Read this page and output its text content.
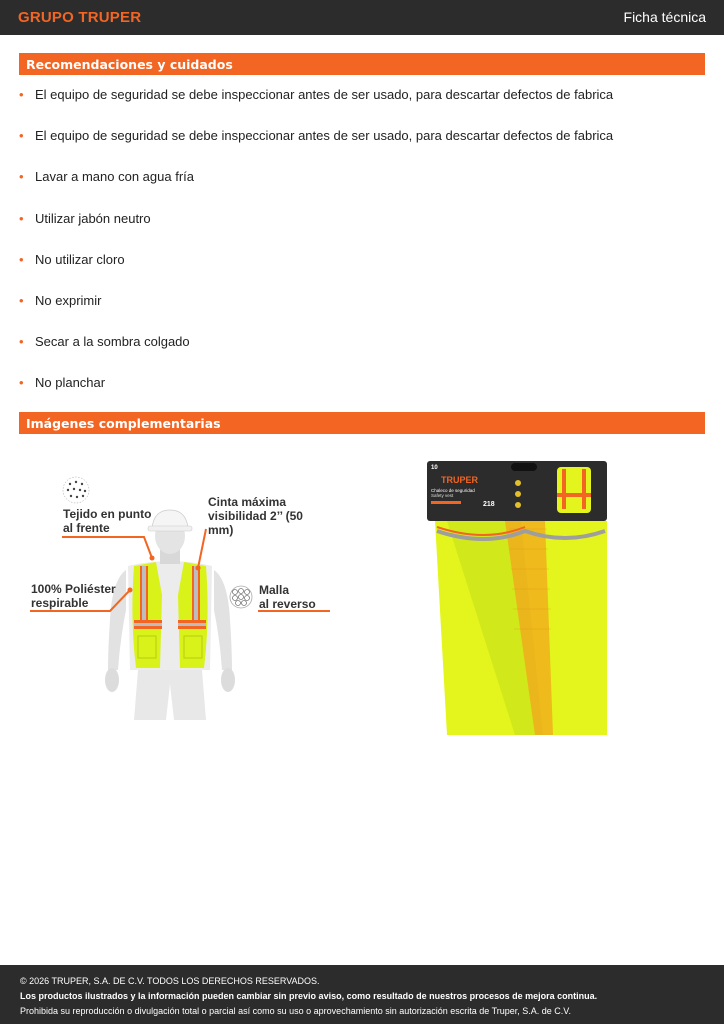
GRUPO TRUPER	Ficha técnica
Recomendaciones y cuidados
• El equipo de seguridad se debe inspeccionar antes de ser usado, para descartar defectos de fabrica
• El equipo de seguridad se debe inspeccionar antes de ser usado, para descartar defectos de fabrica
• Lavar a mano con agua fría
• Utilizar jabón neutro
• No utilizar cloro
• No exprimir
• Secar a la sombra colgado
• No planchar
Imágenes complementarias
Tejido en punto
al frente
Cinta máxima
visibilidad 2’’ (50 mm)
100% Poliéster
respirable
Malla
al reverso
10
TRUPER
Chaleco de seguridad
Safety vest
218
© 2026 TRUPER, S.A. DE C.V. TODOS LOS DERECHOS RESERVADOS.
Los productos ilustrados y la información pueden cambiar sin previo aviso, como resultado de nuestros procesos de mejora continua.
Prohibida su reproducción o divulgación total o parcial así como su uso o aprovechamiento sin autorización escrita de Truper, S.A. de C.V.
